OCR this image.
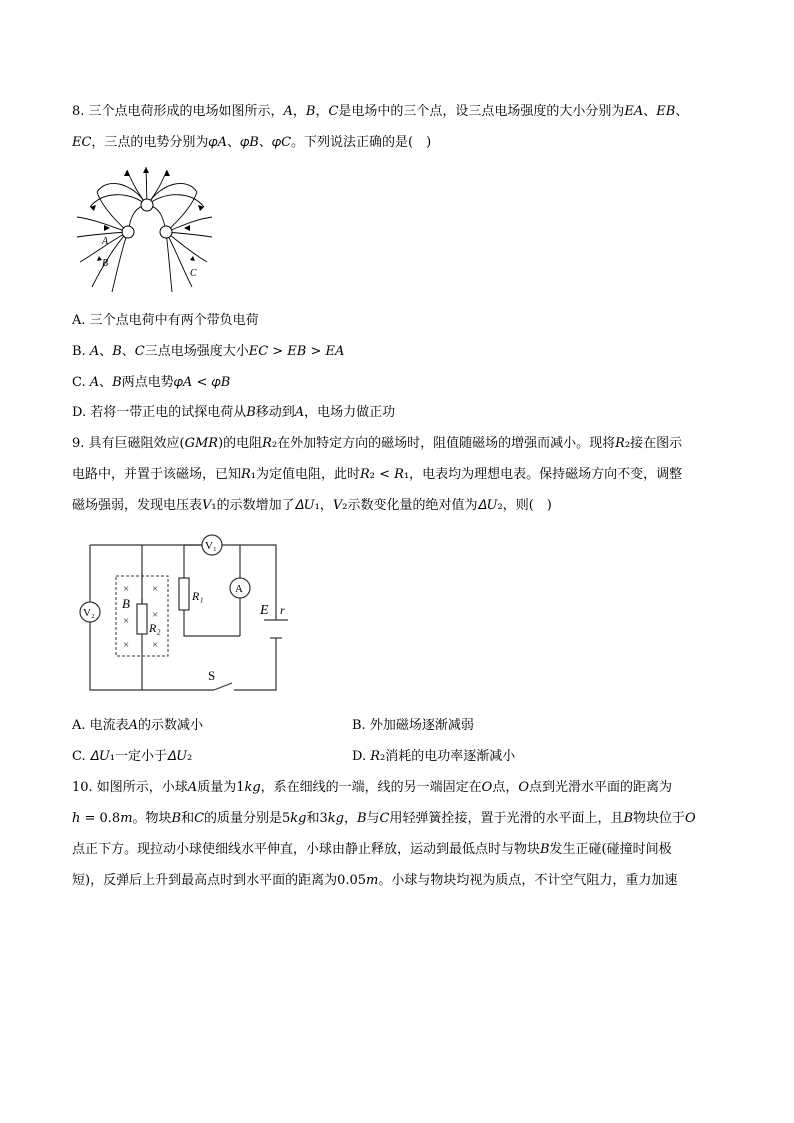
8. 三个点电荷形成的电场如图所示，𝐴，𝐵，𝐶是电场中的三个点，设三点电场强度的大小分别为𝐸𝐴、𝐸𝐵、
𝐸𝐶，三点的电势分别为𝜑𝐴、𝜑𝐵、𝜑𝐶。下列说法正确的是(　)
A
B
C
A. 三个点电荷中有两个带负电荷
B. 𝐴、𝐵、𝐶三点电场强度大小𝐸𝐶 > 𝐸𝐵 > 𝐸𝐴
C. 𝐴、𝐵两点电势𝜑𝐴 < 𝜑𝐵
D. 若将一带正电的试探电荷从𝐵移动到𝐴，电场力做正功
9. 具有巨磁阻效应(𝐺𝑀𝑅)的电阻𝑅₂在外加特定方向的磁场时，阻值随磁场的增强而减小。现将𝑅₂接在图示
电路中，并置于该磁场，已知𝑅₁为定值电阻，此时𝑅₂ < 𝑅₁，电表均为理想电表。保持磁场方向不变，调整
磁场强弱，发现电压表𝑉₁的示数增加了𝛥𝑈₁，𝑉₂示数变化量的绝对值为𝛥𝑈₂，则(　)
V₁
V₂
A
R₁
R₂
B
× ×
× ×
× ×
E r
S
A. 电流表𝐴的示数减小	B. 外加磁场逐渐减弱
C. 𝛥𝑈₁一定小于𝛥𝑈₂	D. 𝑅₂消耗的电功率逐渐减小
10. 如图所示，小球𝐴质量为1𝑘𝑔，系在细线的一端，线的另一端固定在𝑂点，𝑂点到光滑水平面的距离为
ℎ = 0.8𝑚。物块𝐵和𝐶的质量分别是5𝑘𝑔和3𝑘𝑔，𝐵与𝐶用轻弹簧拴接，置于光滑的水平面上，且𝐵物块位于𝑂
点正下方。现拉动小球使细线水平伸直，小球由静止释放，运动到最低点时与物块𝐵发生正碰(碰撞时间极
短)，反弹后上升到最高点时到水平面的距离为0.05𝑚。小球与物块均视为质点，不计空气阻力，重力加速
